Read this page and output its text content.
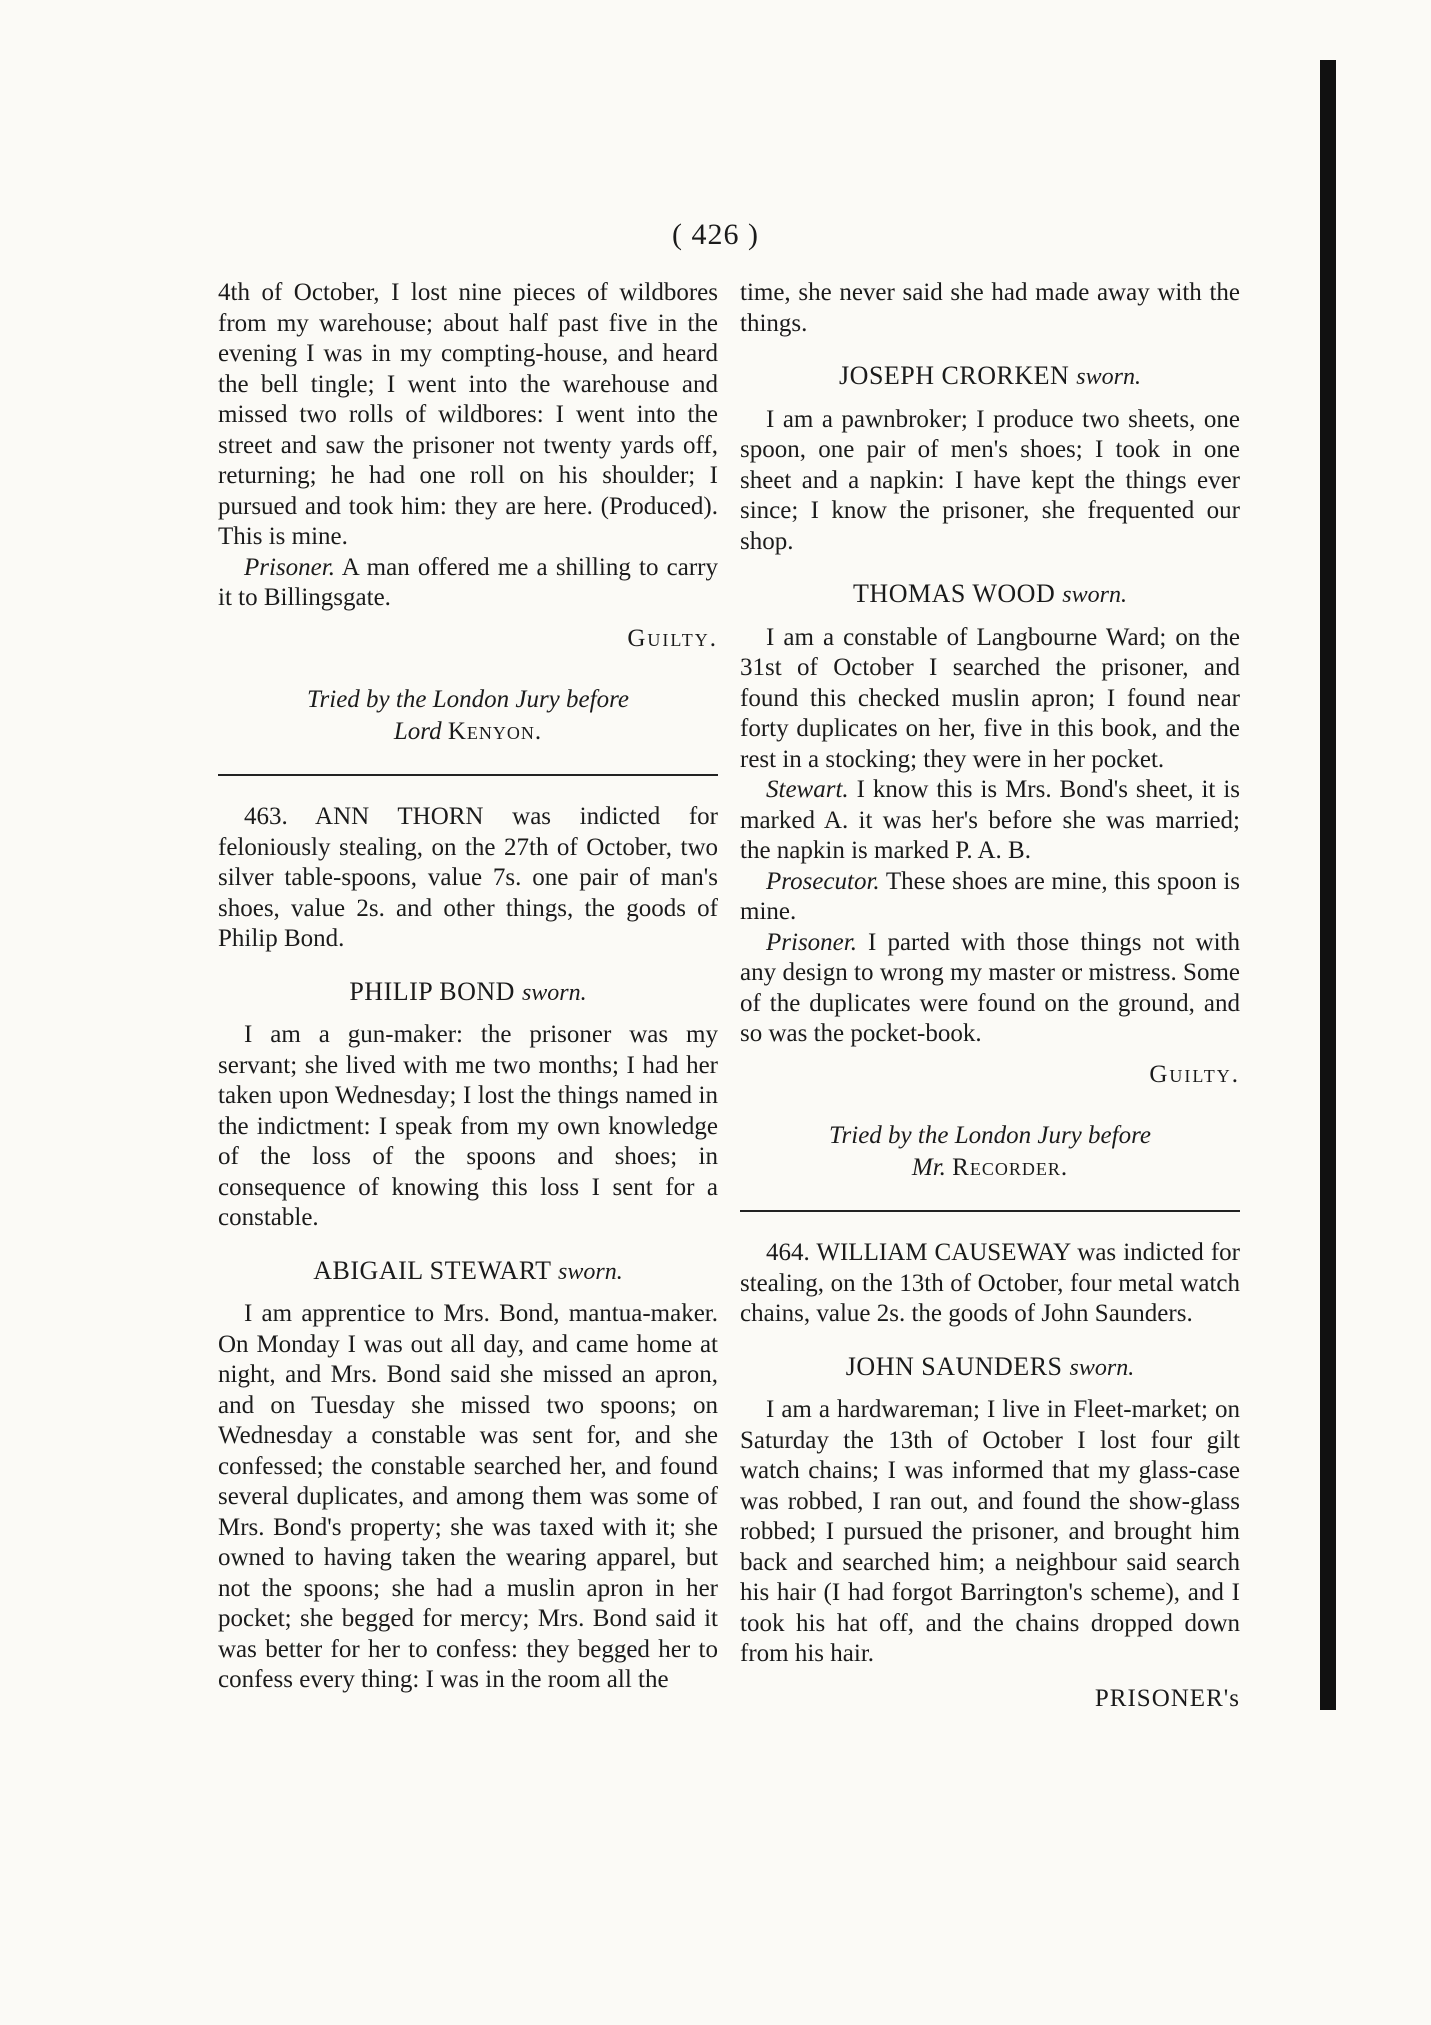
( 426 )

4th of October, I lost nine pieces of wildbores from my warehouse; about half past five in the evening I was in my compting-house, and heard the bell tingle; I went into the warehouse and missed two rolls of wildbores: I went into the street and saw the prisoner not twenty yards off, returning; he had one roll on his shoulder; I pursued and took him: they are here. (Produced). This is mine.

Prisoner. A man offered me a shilling to carry it to Billingsgate.

Guilty.
Tried by the London Jury before
Lord Kenyon.

463. ANN THORN was indicted for feloniously stealing, on the 27th of October, two silver table-spoons, value 7s. one pair of man's shoes, value 2s. and other things, the goods of Philip Bond.

PHILIP BOND sworn.

I am a gun-maker: the prisoner was my servant; she lived with me two months; I had her taken upon Wednesday; I lost the things named in the indictment: I speak from my own knowledge of the loss of the spoons and shoes; in consequence of knowing this loss I sent for a constable.

ABIGAIL STEWART sworn.

I am apprentice to Mrs. Bond, mantua-maker. On Monday I was out all day, and came home at night, and Mrs. Bond said she missed an apron, and on Tuesday she missed two spoons; on Wednesday a constable was sent for, and she confessed; the constable searched her, and found several duplicates, and among them was some of Mrs. Bond's property; she was taxed with it; she owned to having taken the wearing apparel, but not the spoons; she had a muslin apron in her pocket; she begged for mercy; Mrs. Bond said it was better for her to confess: they begged her to confess every thing: I was in the room all the

time, she never said she had made away with the things.

JOSEPH CRORKEN sworn.

I am a pawnbroker; I produce two sheets, one spoon, one pair of men's shoes; I took in one sheet and a napkin: I have kept the things ever since; I know the prisoner, she frequented our shop.

THOMAS WOOD sworn.

I am a constable of Langbourne Ward; on the 31st of October I searched the prisoner, and found this checked muslin apron; I found near forty duplicates on her, five in this book, and the rest in a stocking; they were in her pocket.

Stewart. I know this is Mrs. Bond's sheet, it is marked A. it was her's before she was married; the napkin is marked P. A. B.

Prosecutor. These shoes are mine, this spoon is mine.

Prisoner. I parted with those things not with any design to wrong my master or mistress. Some of the duplicates were found on the ground, and so was the pocket-book.

Guilty.
Tried by the London Jury before
Mr. Recorder.

464. WILLIAM CAUSEWAY was indicted for stealing, on the 13th of October, four metal watch chains, value 2s. the goods of John Saunders.

JOHN SAUNDERS sworn.

I am a hardwareman; I live in Fleet-market; on Saturday the 13th of October I lost four gilt watch chains; I was informed that my glass-case was robbed, I ran out, and found the show-glass robbed; I pursued the prisoner, and brought him back and searched him; a neighbour said search his hair (I had forgot Barrington's scheme), and I took his hat off, and the chains dropped down from his hair.

PRISONER's
